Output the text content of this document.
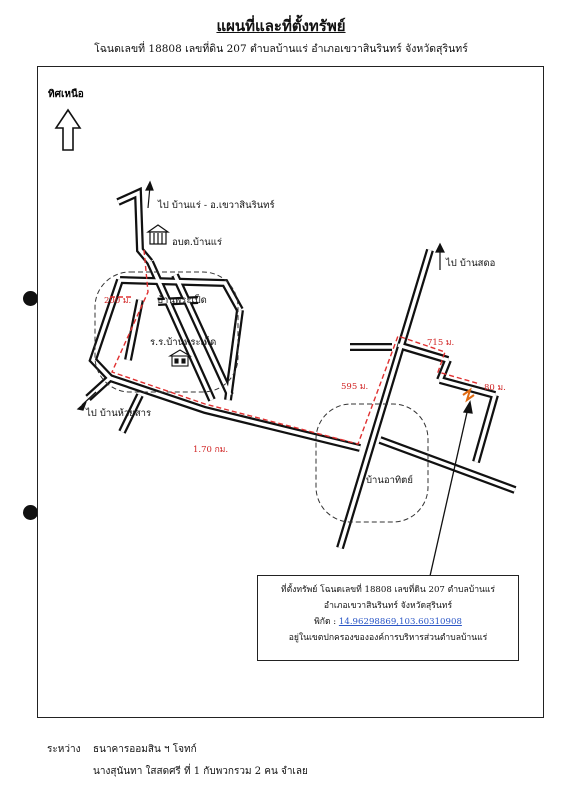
แผนที่และที่ตั้งทรัพย์
โฉนดเลขที่ 18808 เลขที่ดิน 207 ตำบลบ้านแร่ อำเภอเขวาสินรินทร์ จังหวัดสุรินทร์
ทิศเหนือ
ไป บ้านแร่ - อ.เขวาสินรินทร์
อบต.บ้านแร่
ไป บ้านสดอ
บ้านพระเป็ด
ร.ร.บ้านพระเพ็ด
ไป บ้านห้วยสาร
บ้านอาทิตย์
200 ม.
1.70 กม.
595 ม.
715 ม.
80 ม.
ที่ตั้งทรัพย์ โฉนดเลขที่ 18808 เลขที่ดิน 207 ตำบลบ้านแร่
อำเภอเขวาสินรินทร์ จังหวัดสุรินทร์
พิกัด : 14.96298869,103.60310908
อยู่ในเขตปกครองขององค์การบริหารส่วนตำบลบ้านแร่
ระหว่าง ธนาคารออมสิน ฯ โจทก์
นางสุนันทา ใสสดศรี ที่ 1 กับพวกรวม 2 คน จำเลย
